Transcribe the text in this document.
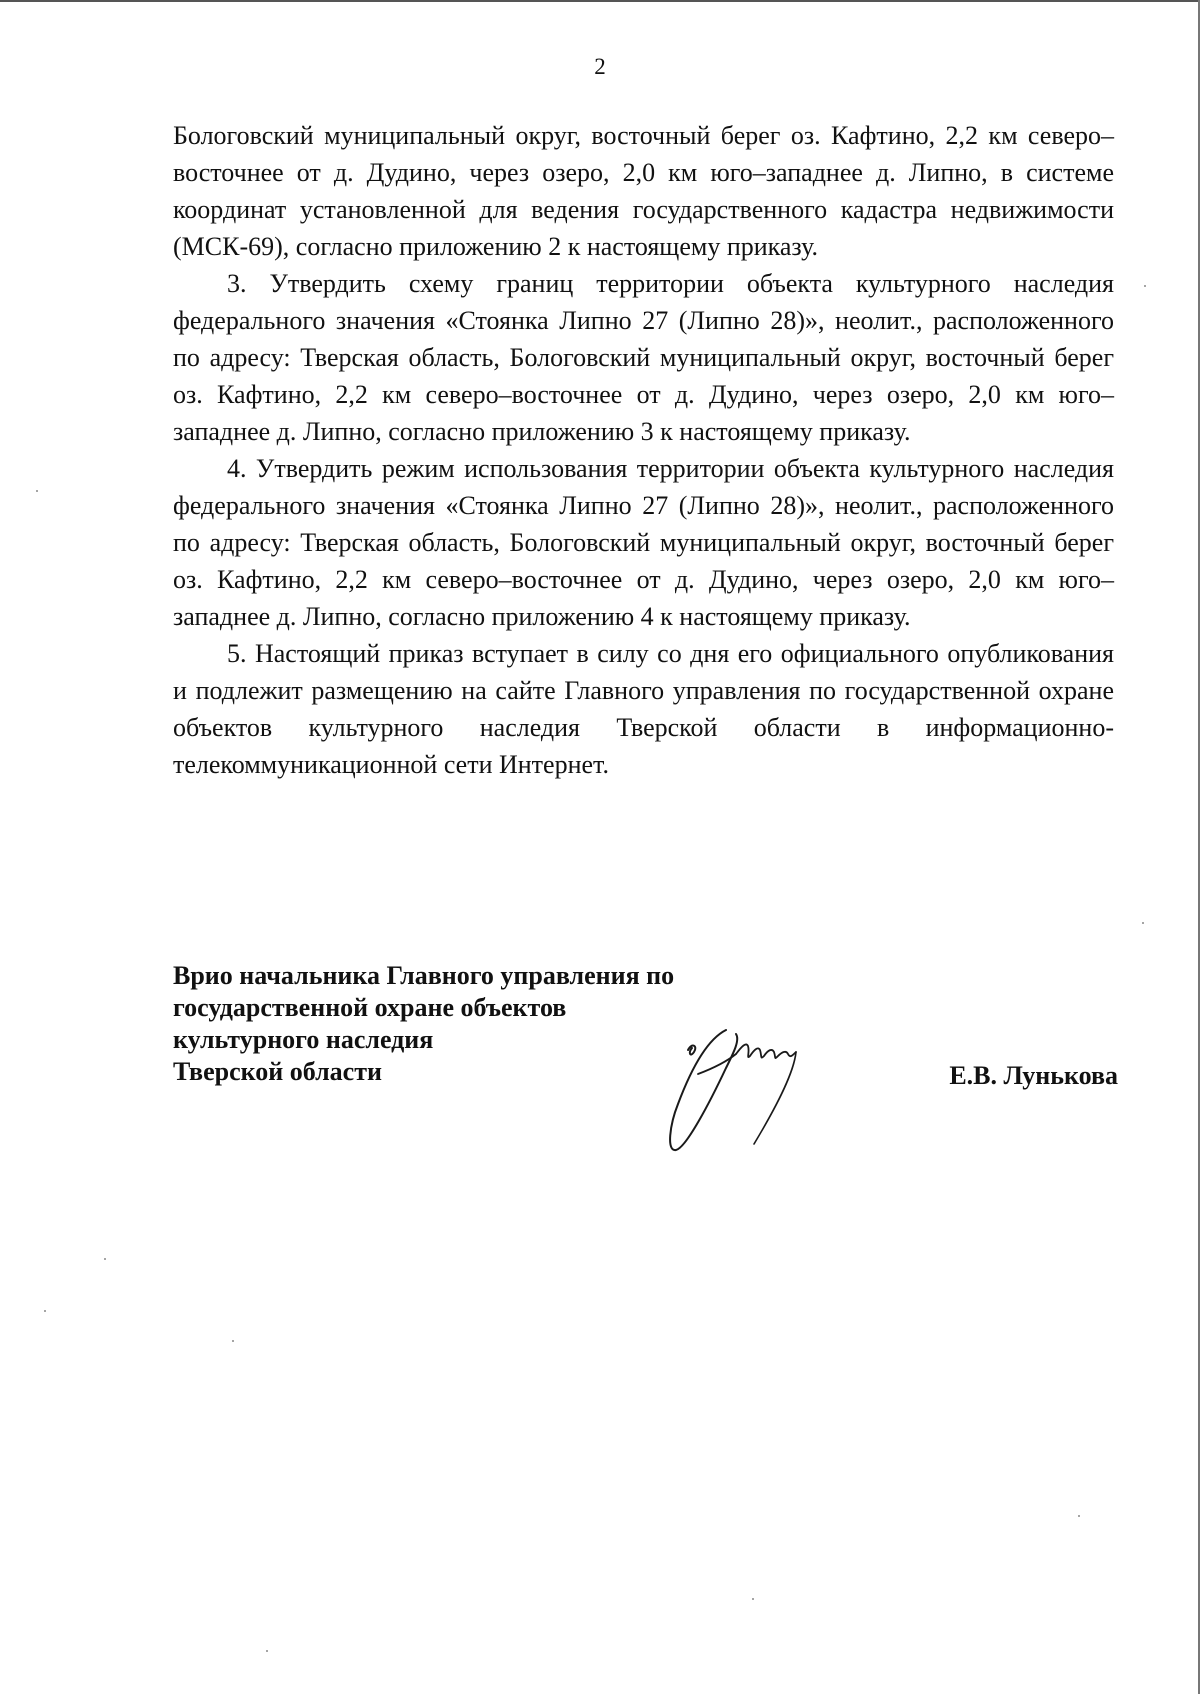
2

Бологовский муниципальный округ, восточный берег оз. Кафтино, 2,2 км северо–восточнее от д. Дудино, через озеро, 2,0 км юго–западнее д. Липно, в системе координат установленной для ведения государственного кадастра недвижимости (МСК-69), согласно приложению 2 к настоящему приказу.

3. Утвердить схему границ территории объекта культурного наследия федерального значения «Стоянка Липно 27 (Липно 28)», неолит., расположенного по адресу: Тверская область, Бологовский муниципальный округ, восточный берег оз. Кафтино, 2,2 км северо–восточнее от д. Дудино, через озеро, 2,0 км юго–западнее д. Липно, согласно приложению 3 к настоящему приказу.

4. Утвердить режим использования территории объекта культурного наследия федерального значения «Стоянка Липно 27 (Липно 28)», неолит., расположенного по адресу: Тверская область, Бологовский муниципальный округ, восточный берег оз. Кафтино, 2,2 км северо–восточнее от д. Дудино, через озеро, 2,0 км юго–западнее д. Липно, согласно приложению 4 к настоящему приказу.

5. Настоящий приказ вступает в силу со дня его официального опубликования и подлежит размещению на сайте Главного управления по государственной охране объектов культурного наследия Тверской области в информационно-телекоммуникационной сети Интернет.

Врио начальника Главного управления по
государственной охране объектов
культурного наследия
Тверской области	Е.В. Лунькова
